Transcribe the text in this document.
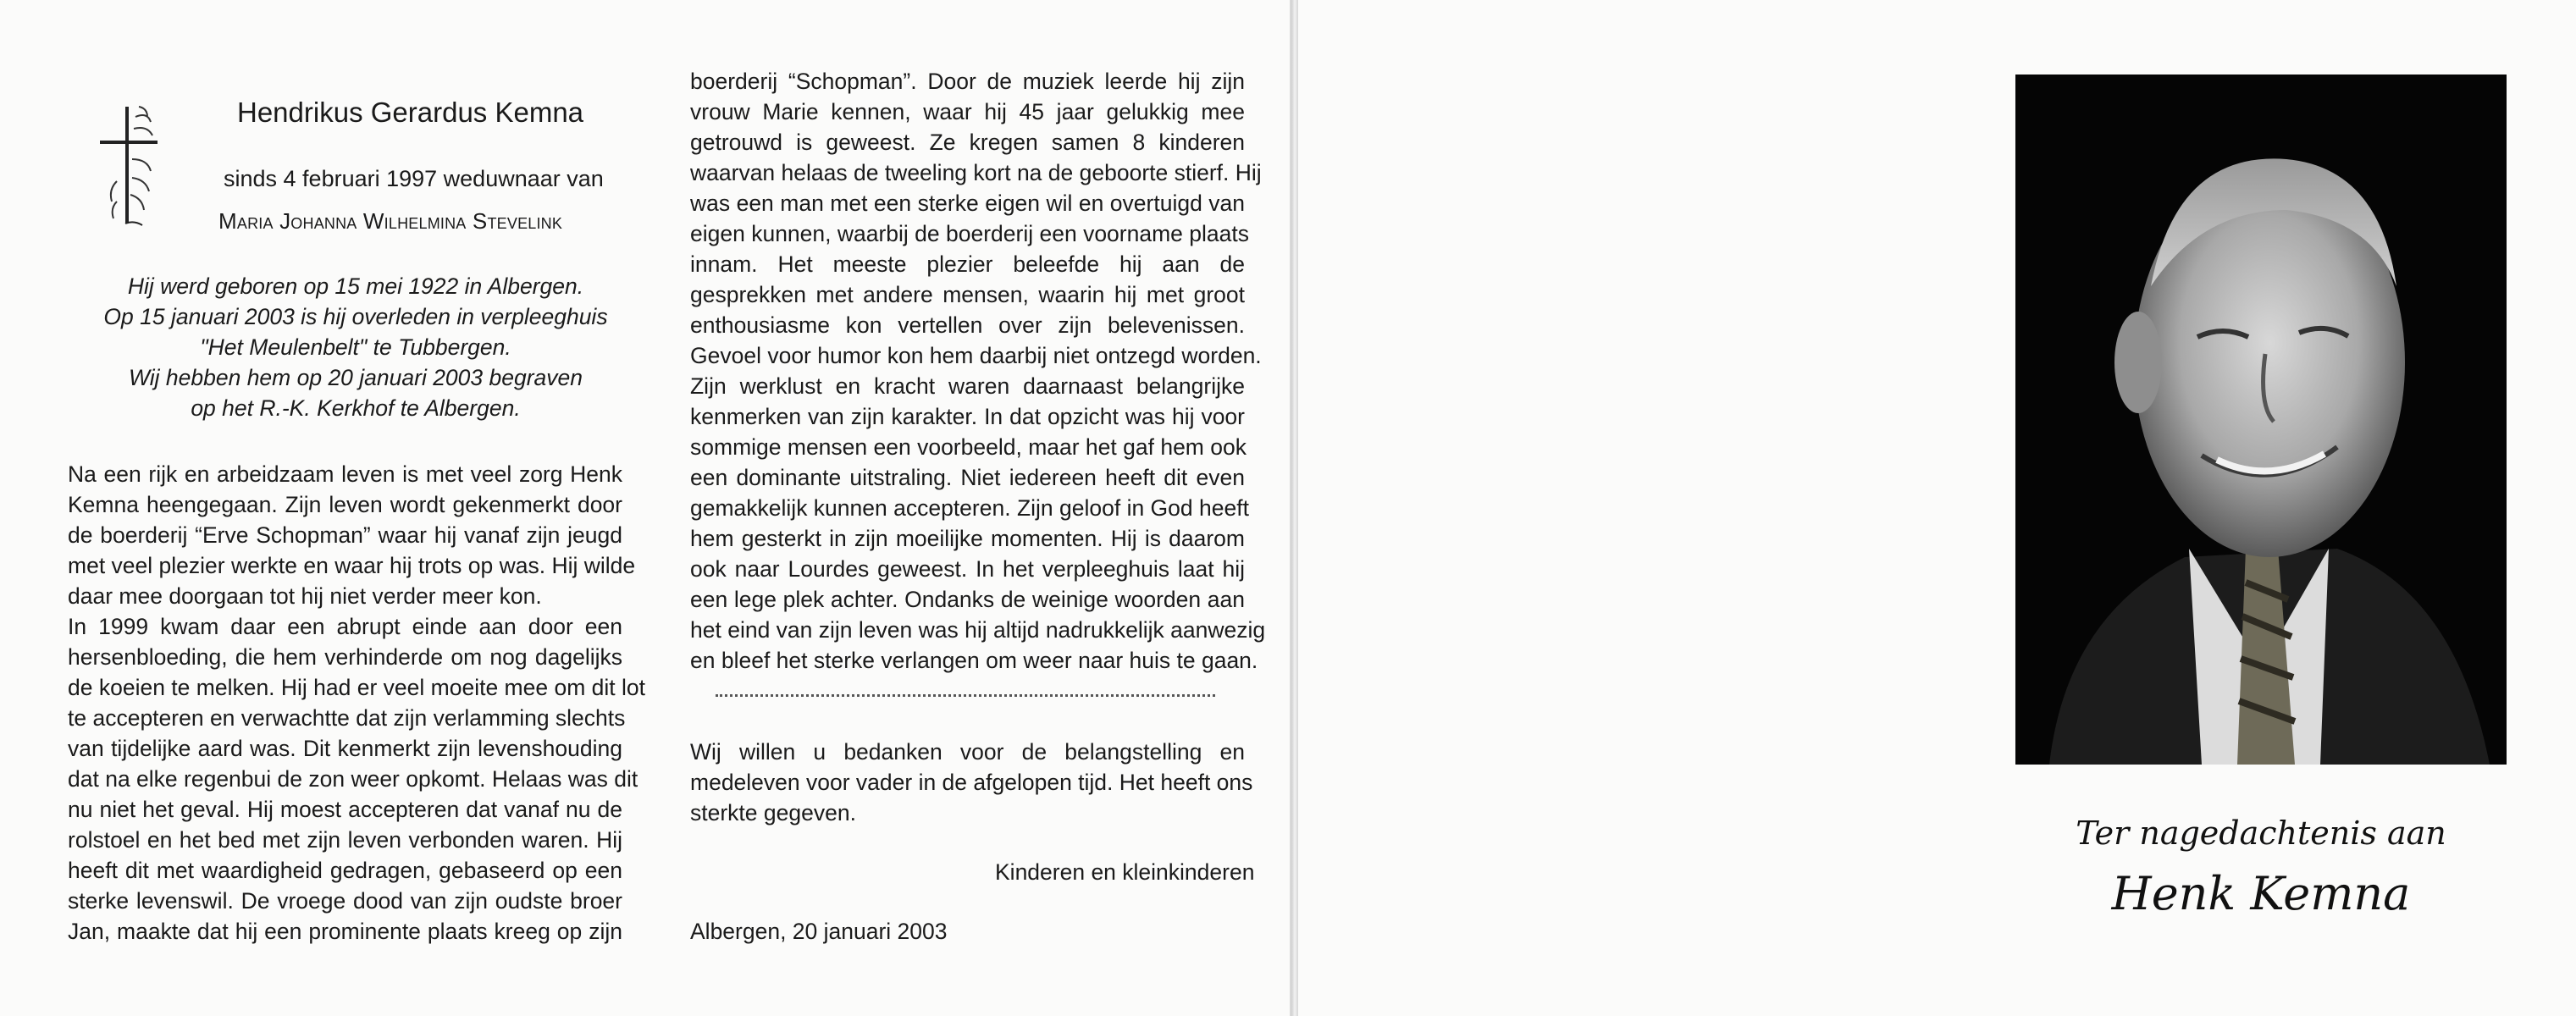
Hendrikus Gerardus Kemna
sinds 4 februari 1997 weduwnaar van
Maria Johanna Wilhelmina Stevelink
Hij werd geboren op 15 mei 1922 in Albergen.
Op 15 januari 2003 is hij overleden in verpleeghuis
"Het Meulenbelt" te Tubbergen.
Wij hebben hem op 20 januari 2003 begraven
op het R.-K. Kerkhof te Albergen.
Na een rijk en arbeidzaam leven is met veel zorg Henk
Kemna heengegaan. Zijn leven wordt gekenmerkt door
de boerderij “Erve Schopman” waar hij vanaf zijn jeugd
met veel plezier werkte en waar hij trots op was. Hij wilde
daar mee doorgaan tot hij niet verder meer kon.
In 1999 kwam daar een abrupt einde aan door een
hersenbloeding, die hem verhinderde om nog dagelijks
de koeien te melken. Hij had er veel moeite mee om dit lot
te accepteren en verwachtte dat zijn verlamming slechts
van tijdelijke aard was. Dit kenmerkt zijn levenshouding
dat na elke regenbui de zon weer opkomt. Helaas was dit
nu niet het geval. Hij moest accepteren dat vanaf nu de
rolstoel en het bed met zijn leven verbonden waren. Hij
heeft dit met waardigheid gedragen, gebaseerd op een
sterke levenswil. De vroege dood van zijn oudste broer
Jan, maakte dat hij een prominente plaats kreeg op zijn
boerderij “Schopman”. Door de muziek leerde hij zijn
vrouw Marie kennen, waar hij 45 jaar gelukkig mee
getrouwd is geweest. Ze kregen samen 8 kinderen
waarvan helaas de tweeling kort na de geboorte stierf. Hij
was een man met een sterke eigen wil en overtuigd van
eigen kunnen, waarbij de boerderij een voorname plaats
innam. Het meeste plezier beleefde hij aan de
gesprekken met andere mensen, waarin hij met groot
enthousiasme kon vertellen over zijn belevenissen.
Gevoel voor humor kon hem daarbij niet ontzegd worden.
Zijn werklust en kracht waren daarnaast belangrijke
kenmerken van zijn karakter. In dat opzicht was hij voor
sommige mensen een voorbeeld, maar het gaf hem ook
een dominante uitstraling. Niet iedereen heeft dit even
gemakkelijk kunnen accepteren. Zijn geloof in God heeft
hem gesterkt in zijn moeilijke momenten. Hij is daarom
ook naar Lourdes geweest. In het verpleeghuis laat hij
een lege plek achter. Ondanks de weinige woorden aan
het eind van zijn leven was hij altijd nadrukkelijk aanwezig
en bleef het sterke verlangen om weer naar huis te gaan.
Wij willen u bedanken voor de belangstelling en
medeleven voor vader in de afgelopen tijd. Het heeft ons
sterkte gegeven.
Kinderen en kleinkinderen
Albergen, 20 januari 2003
Ter nagedachtenis aan
Henk Kemna
